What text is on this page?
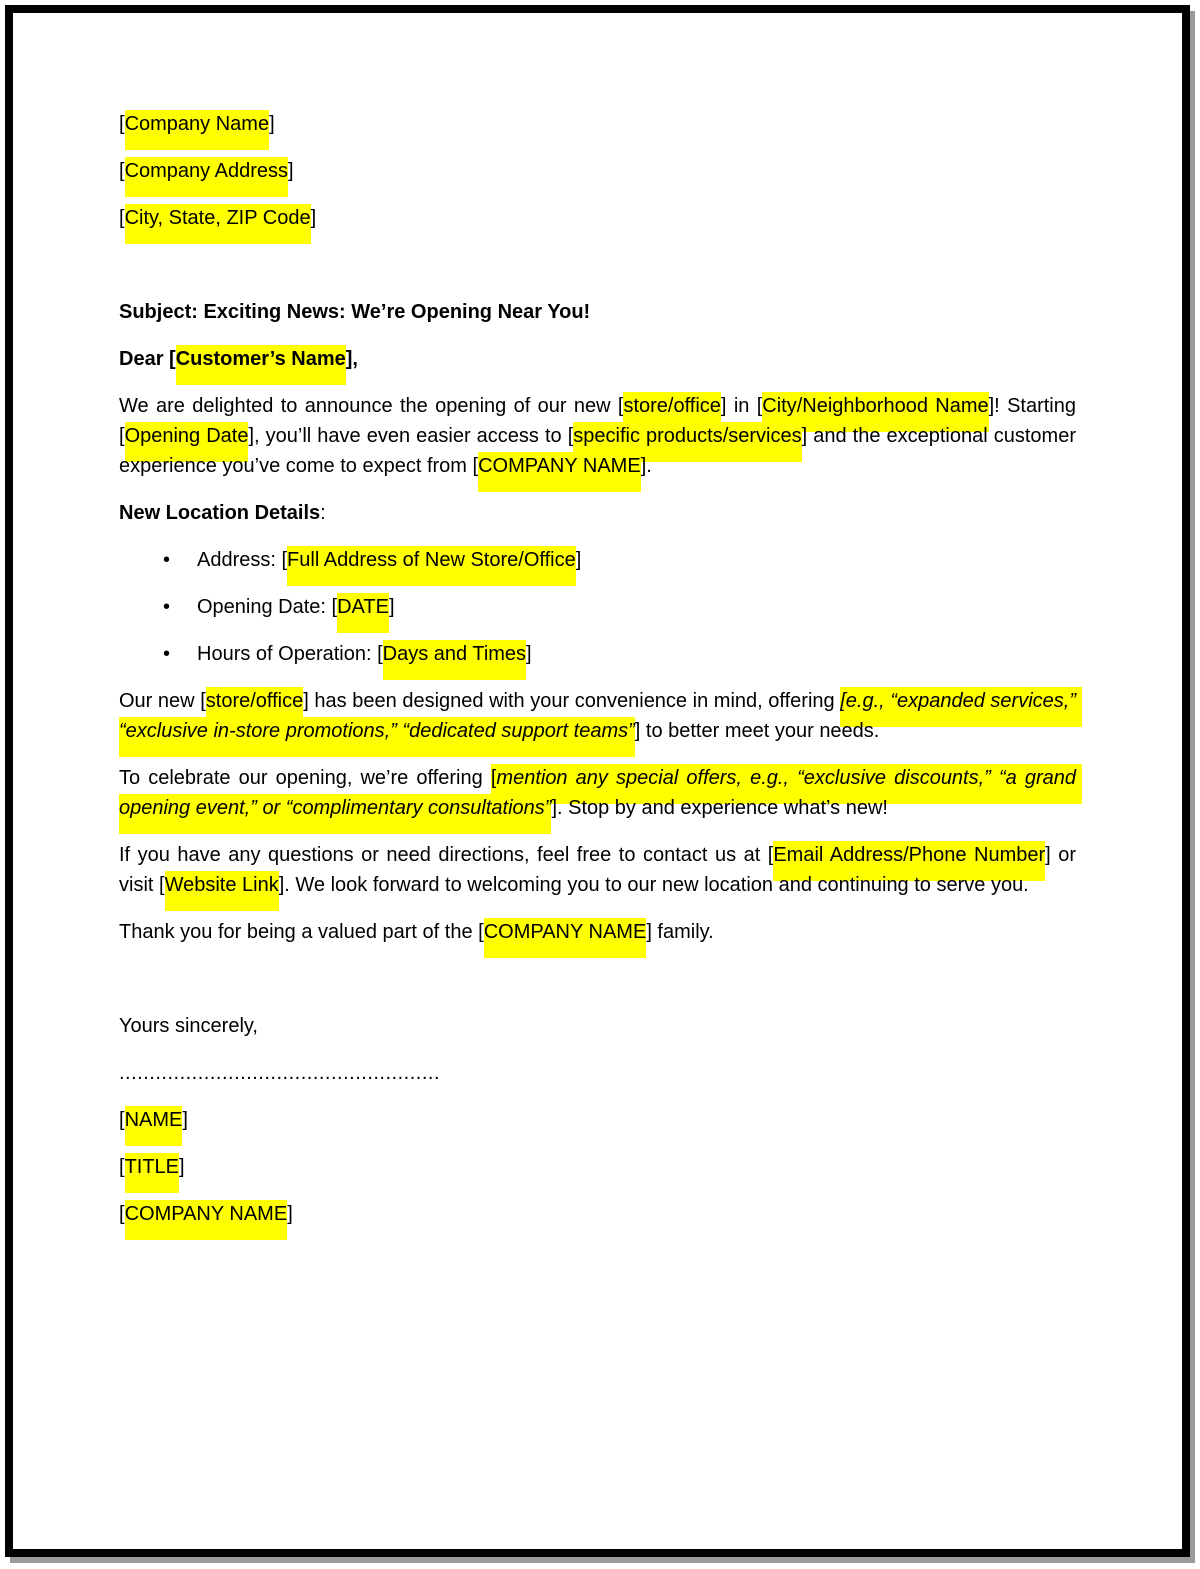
[Company Name]

[Company Address]

[City, State, ZIP Code]

Subject: Exciting News: We’re Opening Near You!

Dear [Customer’s Name],

We are delighted to announce the opening of our new [store/office] in [City/Neighborhood Name]! Starting [Opening Date], you’ll have even easier access to [specific products/services] and the exceptional customer experience you’ve come to expect from [COMPANY NAME].

New Location Details:

• Address: [Full Address of New Store/Office]
• Opening Date: [DATE]
• Hours of Operation: [Days and Times]

Our new [store/office] has been designed with your convenience in mind, offering [e.g., “expanded services,” “exclusive in-store promotions,” “dedicated support teams”] to better meet your needs.

To celebrate our opening, we’re offering [mention any special offers, e.g., “exclusive discounts,” “a grand opening event,” or “complimentary consultations”]. Stop by and experience what’s new!

If you have any questions or need directions, feel free to contact us at [Email Address/Phone Number] or visit [Website Link]. We look forward to welcoming you to our new location and continuing to serve you.

Thank you for being a valued part of the [COMPANY NAME] family.

Yours sincerely,

.....................................................

[NAME]

[TITLE]

[COMPANY NAME]
